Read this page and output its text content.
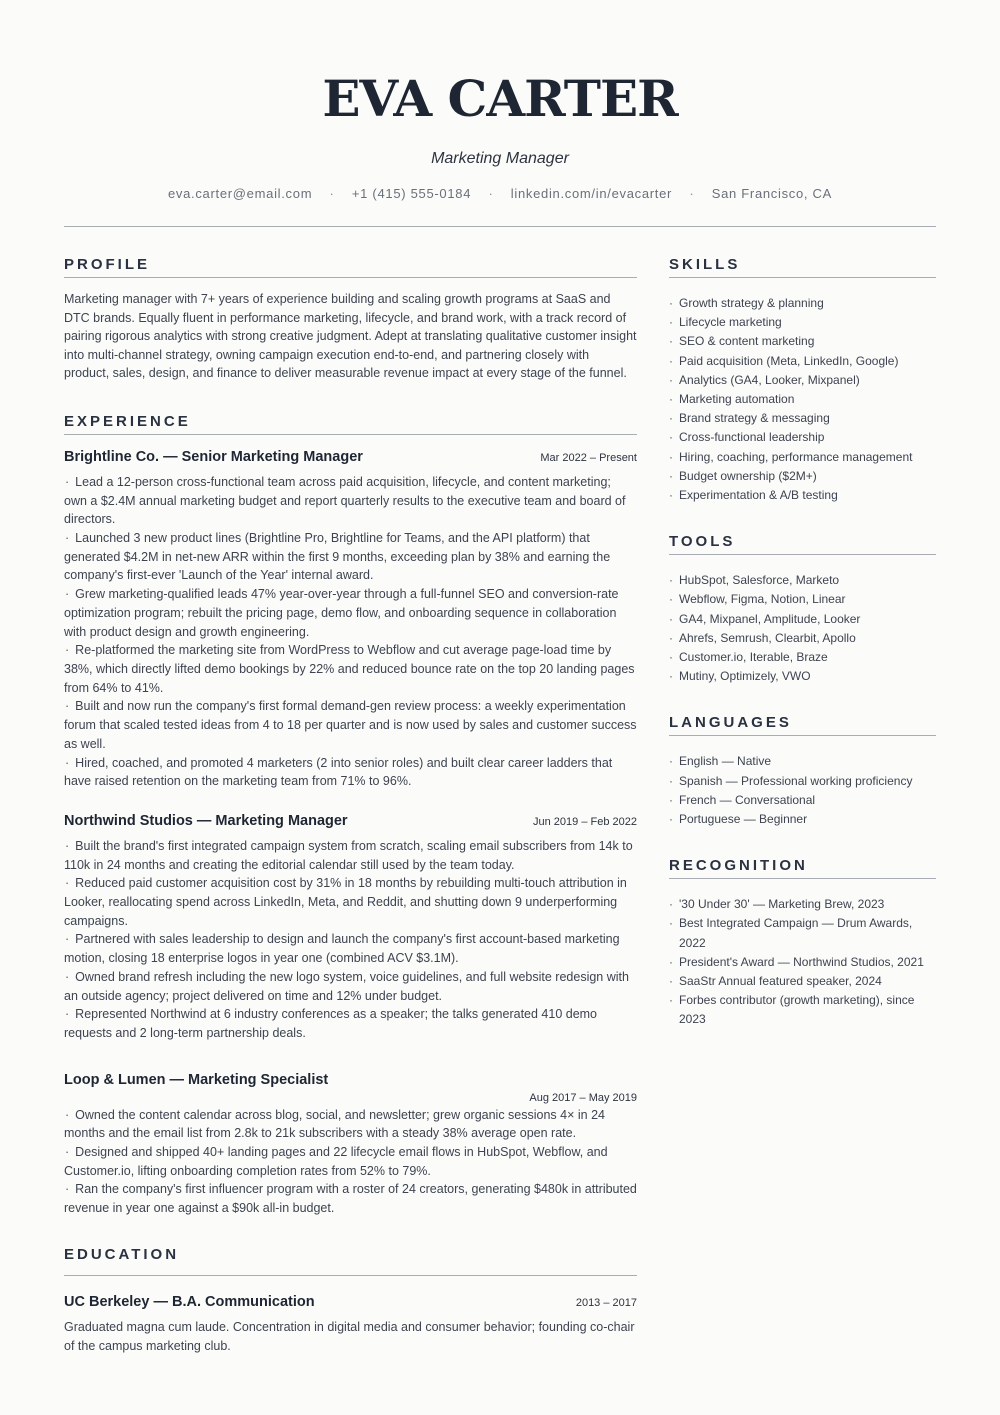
EVA CARTER
Marketing Manager
eva.carter@email.com · +1 (415) 555-0184 · linkedin.com/in/evacarter · San Francisco, CA
PROFILE
Marketing manager with 7+ years of experience building and scaling growth programs at SaaS and DTC brands. Equally fluent in performance marketing, lifecycle, and brand work, with a track record of pairing rigorous analytics with strong creative judgment. Adept at translating qualitative customer insight into multi-channel strategy, owning campaign execution end-to-end, and partnering closely with product, sales, design, and finance to deliver measurable revenue impact at every stage of the funnel.
EXPERIENCE
Brightline Co. — Senior Marketing Manager	Mar 2022 – Present
· Lead a 12-person cross-functional team across paid acquisition, lifecycle, and content marketing; own a $2.4M annual marketing budget and report quarterly results to the executive team and board of directors.
· Launched 3 new product lines (Brightline Pro, Brightline for Teams, and the API platform) that generated $4.2M in net-new ARR within the first 9 months, exceeding plan by 38% and earning the company's first-ever 'Launch of the Year' internal award.
· Grew marketing-qualified leads 47% year-over-year through a full-funnel SEO and conversion-rate optimization program; rebuilt the pricing page, demo flow, and onboarding sequence in collaboration with product design and growth engineering.
· Re-platformed the marketing site from WordPress to Webflow and cut average page-load time by 38%, which directly lifted demo bookings by 22% and reduced bounce rate on the top 20 landing pages from 64% to 41%.
· Built and now run the company's first formal demand-gen review process: a weekly experimentation forum that scaled tested ideas from 4 to 18 per quarter and is now used by sales and customer success as well.
· Hired, coached, and promoted 4 marketers (2 into senior roles) and built clear career ladders that have raised retention on the marketing team from 71% to 96%.
Northwind Studios — Marketing Manager	Jun 2019 – Feb 2022
· Built the brand's first integrated campaign system from scratch, scaling email subscribers from 14k to 110k in 24 months and creating the editorial calendar still used by the team today.
· Reduced paid customer acquisition cost by 31% in 18 months by rebuilding multi-touch attribution in Looker, reallocating spend across LinkedIn, Meta, and Reddit, and shutting down 9 underperforming campaigns.
· Partnered with sales leadership to design and launch the company's first account-based marketing motion, closing 18 enterprise logos in year one (combined ACV $3.1M).
· Owned brand refresh including the new logo system, voice guidelines, and full website redesign with an outside agency; project delivered on time and 12% under budget.
· Represented Northwind at 6 industry conferences as a speaker; the talks generated 410 demo requests and 2 long-term partnership deals.
Loop & Lumen — Marketing Specialist
Aug 2017 – May 2019
· Owned the content calendar across blog, social, and newsletter; grew organic sessions 4× in 24 months and the email list from 2.8k to 21k subscribers with a steady 38% average open rate.
· Designed and shipped 40+ landing pages and 22 lifecycle email flows in HubSpot, Webflow, and Customer.io, lifting onboarding completion rates from 52% to 79%.
· Ran the company's first influencer program with a roster of 24 creators, generating $480k in attributed revenue in year one against a $90k all-in budget.
EDUCATION
UC Berkeley — B.A. Communication	2013 – 2017
Graduated magna cum laude. Concentration in digital media and consumer behavior; founding co-chair of the campus marketing club.
SKILLS
· Growth strategy & planning
· Lifecycle marketing
· SEO & content marketing
· Paid acquisition (Meta, LinkedIn, Google)
· Analytics (GA4, Looker, Mixpanel)
· Marketing automation
· Brand strategy & messaging
· Cross-functional leadership
· Hiring, coaching, performance management
· Budget ownership ($2M+)
· Experimentation & A/B testing
TOOLS
· HubSpot, Salesforce, Marketo
· Webflow, Figma, Notion, Linear
· GA4, Mixpanel, Amplitude, Looker
· Ahrefs, Semrush, Clearbit, Apollo
· Customer.io, Iterable, Braze
· Mutiny, Optimizely, VWO
LANGUAGES
· English — Native
· Spanish — Professional working proficiency
· French — Conversational
· Portuguese — Beginner
RECOGNITION
· '30 Under 30' — Marketing Brew, 2023
· Best Integrated Campaign — Drum Awards, 2022
· President's Award — Northwind Studios, 2021
· SaaStr Annual featured speaker, 2024
· Forbes contributor (growth marketing), since 2023
